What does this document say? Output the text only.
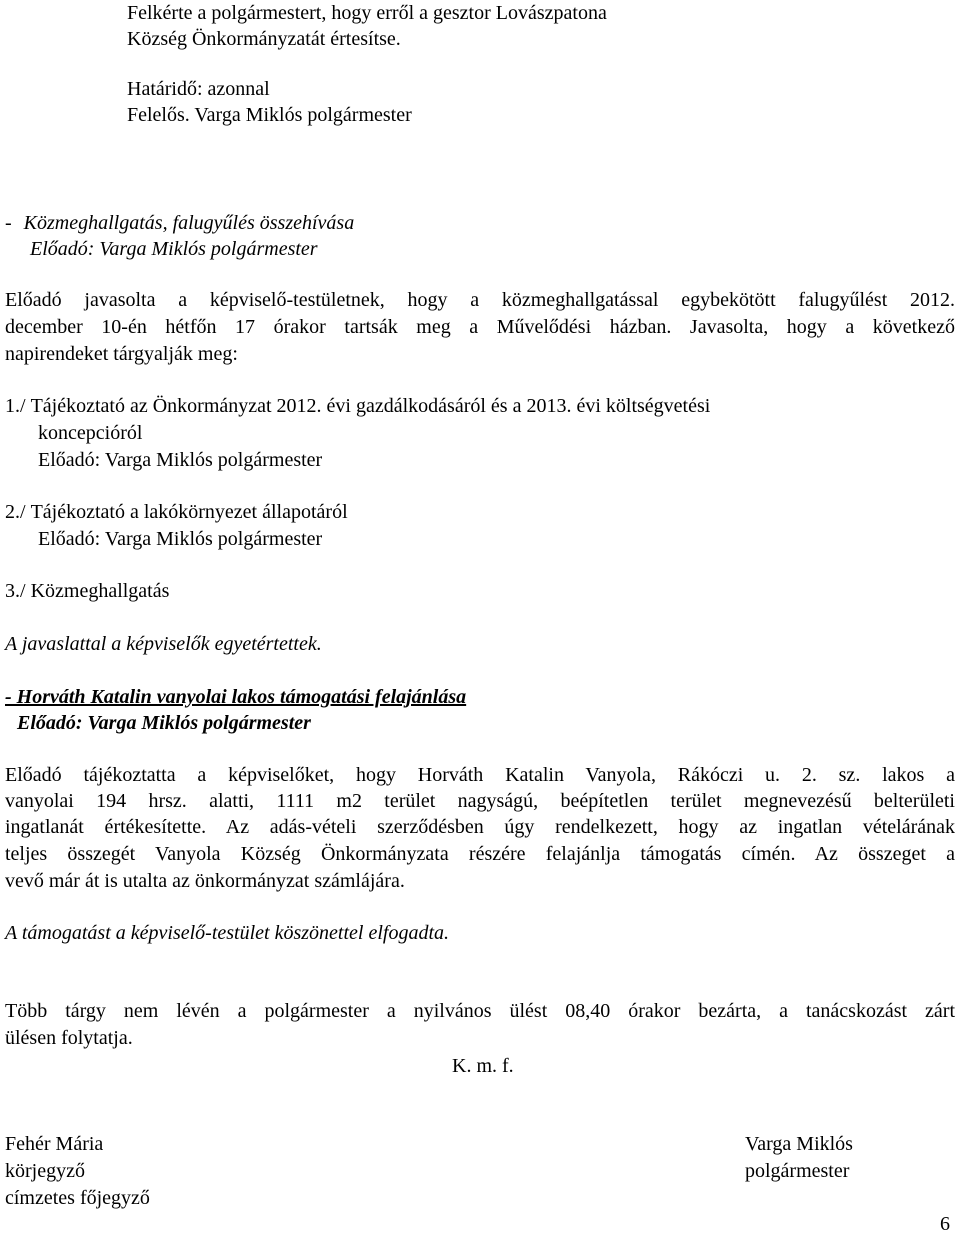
Felkérte a polgármestert, hogy erről a gesztor Lovászpatona
Község Önkormányzatát értesítse.
Határidő: azonnal
Felelős. Varga Miklós polgármester
- Közmeghallgatás, falugyűlés összehívása
Előadó: Varga Miklós polgármester
Előadó javasolta a képviselő-testületnek, hogy a közmeghallgatással egybekötött falugyűlést 2012.
december 10-én hétfőn 17 órakor tartsák meg a Művelődési házban. Javasolta, hogy a következő
napirendeket tárgyalják meg:
1./ Tájékoztató az Önkormányzat 2012. évi gazdálkodásáról és a 2013. évi költségvetési
koncepcióról
Előadó: Varga Miklós polgármester
2./ Tájékoztató a lakókörnyezet állapotáról
Előadó: Varga Miklós polgármester
3./ Közmeghallgatás
A javaslattal a képviselők egyetértettek.
- Horváth Katalin vanyolai lakos támogatási felajánlása
Előadó: Varga Miklós polgármester
Előadó tájékoztatta a képviselőket, hogy Horváth Katalin Vanyola, Rákóczi u. 2. sz. lakos a
vanyolai 194 hrsz. alatti, 1111 m2 terület nagyságú, beépítetlen terület megnevezésű belterületi
ingatlanát értékesítette. Az adás-vételi szerződésben úgy rendelkezett, hogy az ingatlan vételárának
teljes összegét Vanyola Község Önkormányzata részére felajánlja támogatás címén. Az összeget a
vevő már át is utalta az önkormányzat számlájára.
A támogatást a képviselő-testület köszönettel elfogadta.
Több tárgy nem lévén a polgármester a nyilvános ülést 08,40 órakor bezárta, a tanácskozást zárt
ülésen folytatja.
K. m. f.
Fehér Mária
körjegyző
címzetes főjegyző
Varga Miklós
polgármester
6
